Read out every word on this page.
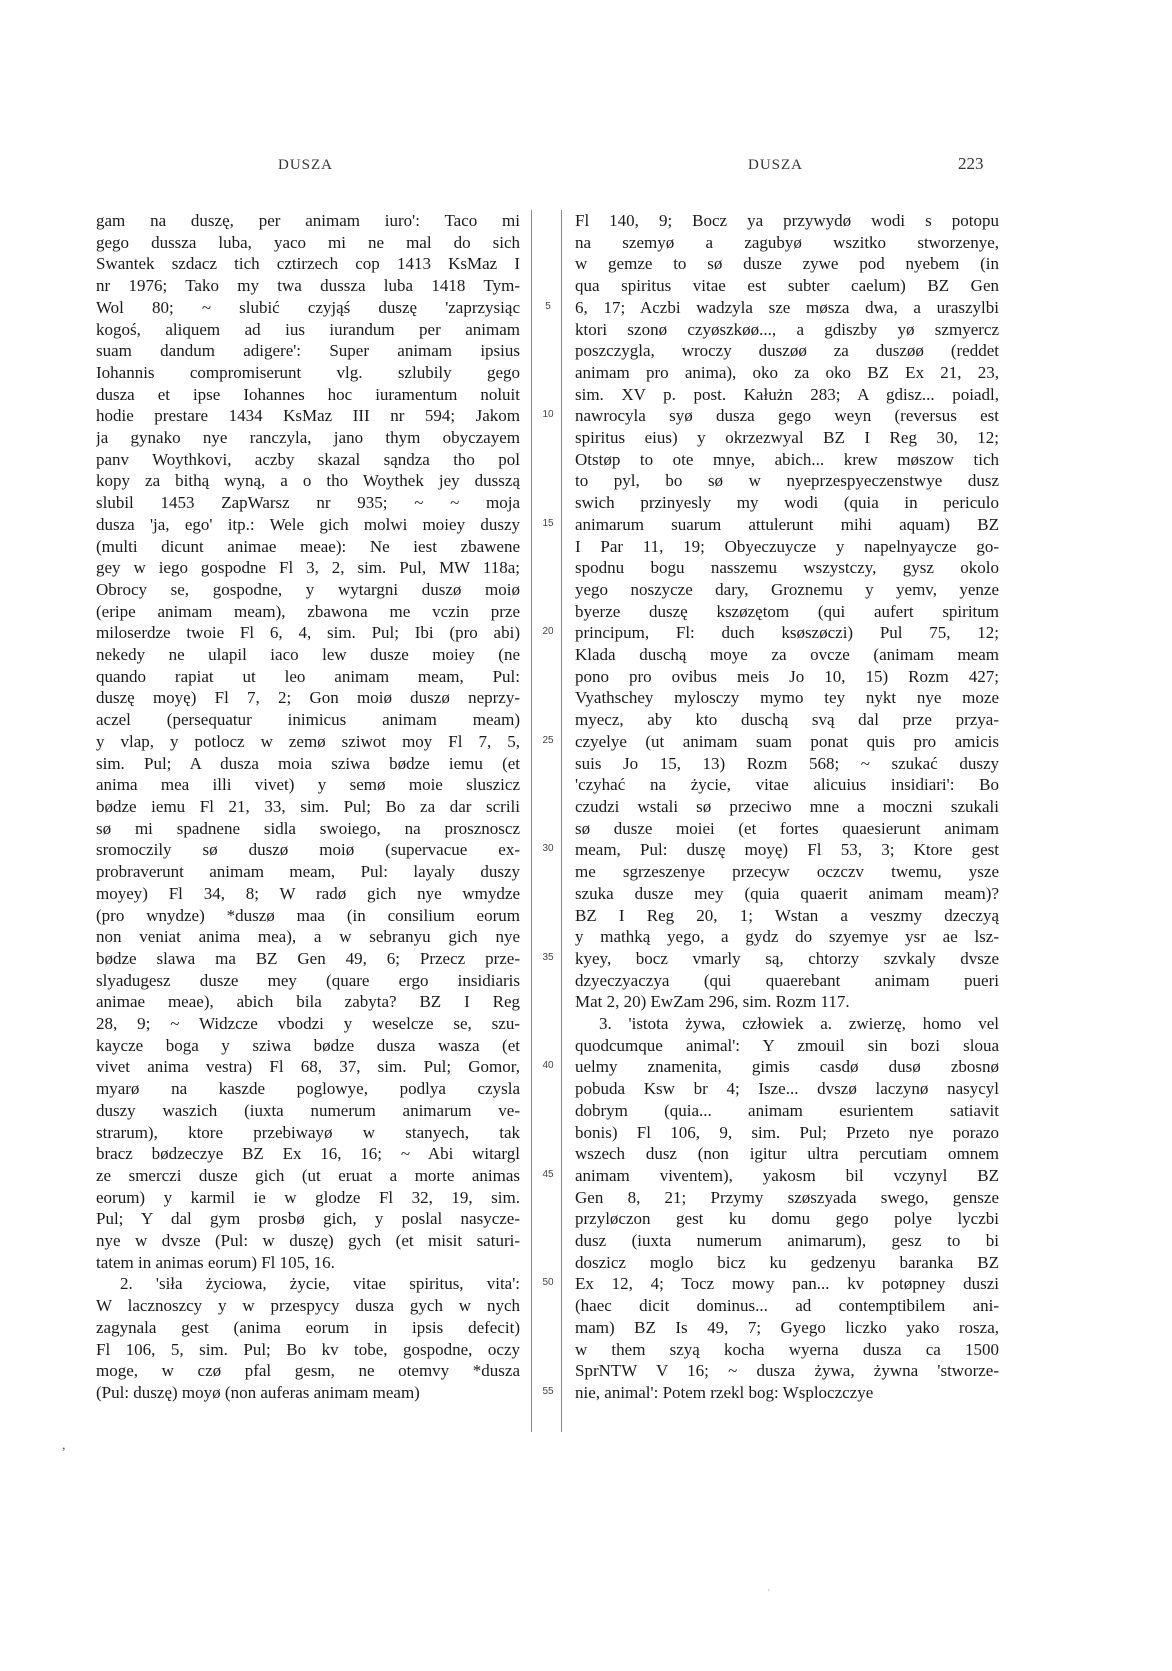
DUSZA	DUSZA	223
gam na duszę, per animam iuro': Taco mi
gego dussza luba, yaco mi ne mal do sich
Swantek szdacz tich cztirzech cop 1413 KsMaz I
nr 1976; Tako my twa dussza luba 1418 Tym-
Wol 80; ~ slubić czyjąś duszę 'zaprzysiąc
kogoś, aliquem ad ius iurandum per animam
suam dandum adigere': Super animam ipsius
Iohannis compromiserunt vlg. szlubily gego
dusza et ipse Iohannes hoc iuramentum noluit
hodie prestare 1434 KsMaz III nr 594; Jakom
ja gynako nye ranczyla, jano thym obyczayem
panv Woythkovi, aczby skazal sąndza tho pol
kopy za bithą wyną, a o tho Woythek jey dusszą
slubil 1453 ZapWarsz nr 935; ~ ~ moja
dusza 'ja, ego' itp.: Wele gich molwi moiey duszy
(multi dicunt animae meae): Ne iest zbawene
gey w iego gospodne Fl 3, 2, sim. Pul, MW 118a;
Obrocy se, gospodne, y wytargni duszø moiø
(eripe animam meam), zbawona me vczin prze
miloserdze twoie Fl 6, 4, sim. Pul; Ibi (pro abi)
nekedy ne ulapil iaco lew dusze moiey (ne
quando rapiat ut leo animam meam, Pul:
duszę moyę) Fl 7, 2; Gon moiø duszø neprzy-
aczel (persequatur inimicus animam meam)
y vlap, y potlocz w zemø sziwot moy Fl 7, 5,
sim. Pul; A dusza moia sziwa bødze iemu (et
anima mea illi vivet) y semø moie sluszicz
bødze iemu Fl 21, 33, sim. Pul; Bo za dar scrili
sø mi spadnene sidla swoiego, na prosznoscz
sromoczily sø duszø moiø (supervacue ex-
probraverunt animam meam, Pul: layaly duszy
moyey) Fl 34, 8; W radø gich nye wmydze
(pro wnydze) *duszø maa (in consilium eorum
non veniat anima mea), a w sebranyu gich nye
bødze slawa ma BZ Gen 49, 6; Przecz prze-
slyadugesz dusze mey (quare ergo insidiaris
animae meae), abich bila zabyta? BZ I Reg
28, 9; ~ Widzcze vbodzi y weselcze se, szu-
kaycze boga y sziwa bødze dusza wasza (et
vivet anima vestra) Fl 68, 37, sim. Pul; Gomor,
myarø na kaszde poglowye, podlya czysla
duszy waszich (iuxta numerum animarum ve-
strarum), ktore przebiwayø w stanyech, tak
bracz bødzeczye BZ Ex 16, 16; ~ Abi witargl
ze smerczi dusze gich (ut eruat a morte animas
eorum) y karmil ie w glodze Fl 32, 19, sim.
Pul; Y dal gym prosbø gich, y poslal nasycze-
nye w dvsze (Pul: w duszę) gych (et misit saturi-
tatem in animas eorum) Fl 105, 16.
2. 'siła życiowa, życie, vitae spiritus, vita':
W lacznoszcy y w przespycy dusza gych w nych
zagynala gest (anima eorum in ipsis defecit)
Fl 106, 5, sim. Pul; Bo kv tobe, gospodne, oczy
moge, w czø pfal gesm, ne otemvy *dusza
(Pul: duszę) moyø (non auferas animam meam)
5
10
15
20
25
30
35
40
45
50
55
Fl 140, 9; Bocz ya przywydø wodi s potopu
na szemyø a zagubyø wszitko stworzenye,
w gemze to sø dusze zywe pod nyebem (in
qua spiritus vitae est subter caelum) BZ Gen
6, 17; Aczbi wadzyla sze møsza dwa, a uraszylbi
ktori szonø czyøszkøø..., a gdiszby yø szmyercz
poszczygla, wroczy duszøø za duszøø (reddet
animam pro anima), oko za oko BZ Ex 21, 23,
sim. XV p. post. Kałużn 283; A gdisz... poiadl,
nawrocyla syø dusza gego weyn (reversus est
spiritus eius) y okrzezwyal BZ I Reg 30, 12;
Otstøp to ote mnye, abich... krew møszow tich
to pyl, bo sø w nyeprzespyeczenstwye dusz
swich przinyesly my wodi (quia in periculo
animarum suarum attulerunt mihi aquam) BZ
I Par 11, 19; Obyeczuycze y napelnyaycze go-
spodnu bogu nasszemu wszystczy, gysz okolo
yego noszycze dary, Groznemu y yemv, yenze
byerze duszę kszøzętom (qui aufert spiritum
principum, Fl: duch ksøszøczi) Pul 75, 12;
Klada duschą moye za ovcze (animam meam
pono pro ovibus meis Jo 10, 15) Rozm 427;
Vyathschey mylosczy mymo tey nykt nye moze
myecz, aby kto duschą svą dal prze przya-
czyelye (ut animam suam ponat quis pro amicis
suis Jo 15, 13) Rozm 568; ~ szukać duszy
'czyhać na życie, vitae alicuius insidiari': Bo
czudzi wstali sø przeciwo mne a moczni szukali
sø dusze moiei (et fortes quaesierunt animam
meam, Pul: duszę moyę) Fl 53, 3; Ktore gest
me sgrzeszenye przecyw oczczv twemu, ysze
szuka dusze mey (quia quaerit animam meam)?
BZ I Reg 20, 1; Wstan a veszmy dzeczyą
y mathką yego, a gydz do szyemye ysr ae lsz-
kyey, bocz vmarly są, chtorzy szvkaly dvsze
dzyeczyaczya (qui quaerebant animam pueri
Mat 2, 20) EwZam 296, sim. Rozm 117.
3. 'istota żywa, człowiek a. zwierzę, homo vel
quodcumque animal': Y zmouil sin bozi sloua
uelmy znamenita, gimis casdø dusø zbosnø
pobuda Ksw br 4; Isze... dvszø laczynø nasycyl
dobrym (quia... animam esurientem satiavit
bonis) Fl 106, 9, sim. Pul; Przeto nye porazo
wszech dusz (non igitur ultra percutiam omnem
animam viventem), yakosm bil vczynyl BZ
Gen 8, 21; Przymy szøszyada swego, gensze
przyløczon gest ku domu gego polye lyczbi
dusz (iuxta numerum animarum), gesz to bi
doszicz moglo bicz ku gedzenyu baranka BZ
Ex 12, 4; Tocz mowy pan... kv potøpney duszi
(haec dicit dominus... ad contemptibilem ani-
mam) BZ Is 49, 7; Gyego liczko yako rosza,
w them szyą kocha wyerna dusza ca 1500
SprNTW V 16; ~ dusza żywa, żywna 'stworze-
nie, animal': Potem rzekl bog: Wsploczczye
,
'
